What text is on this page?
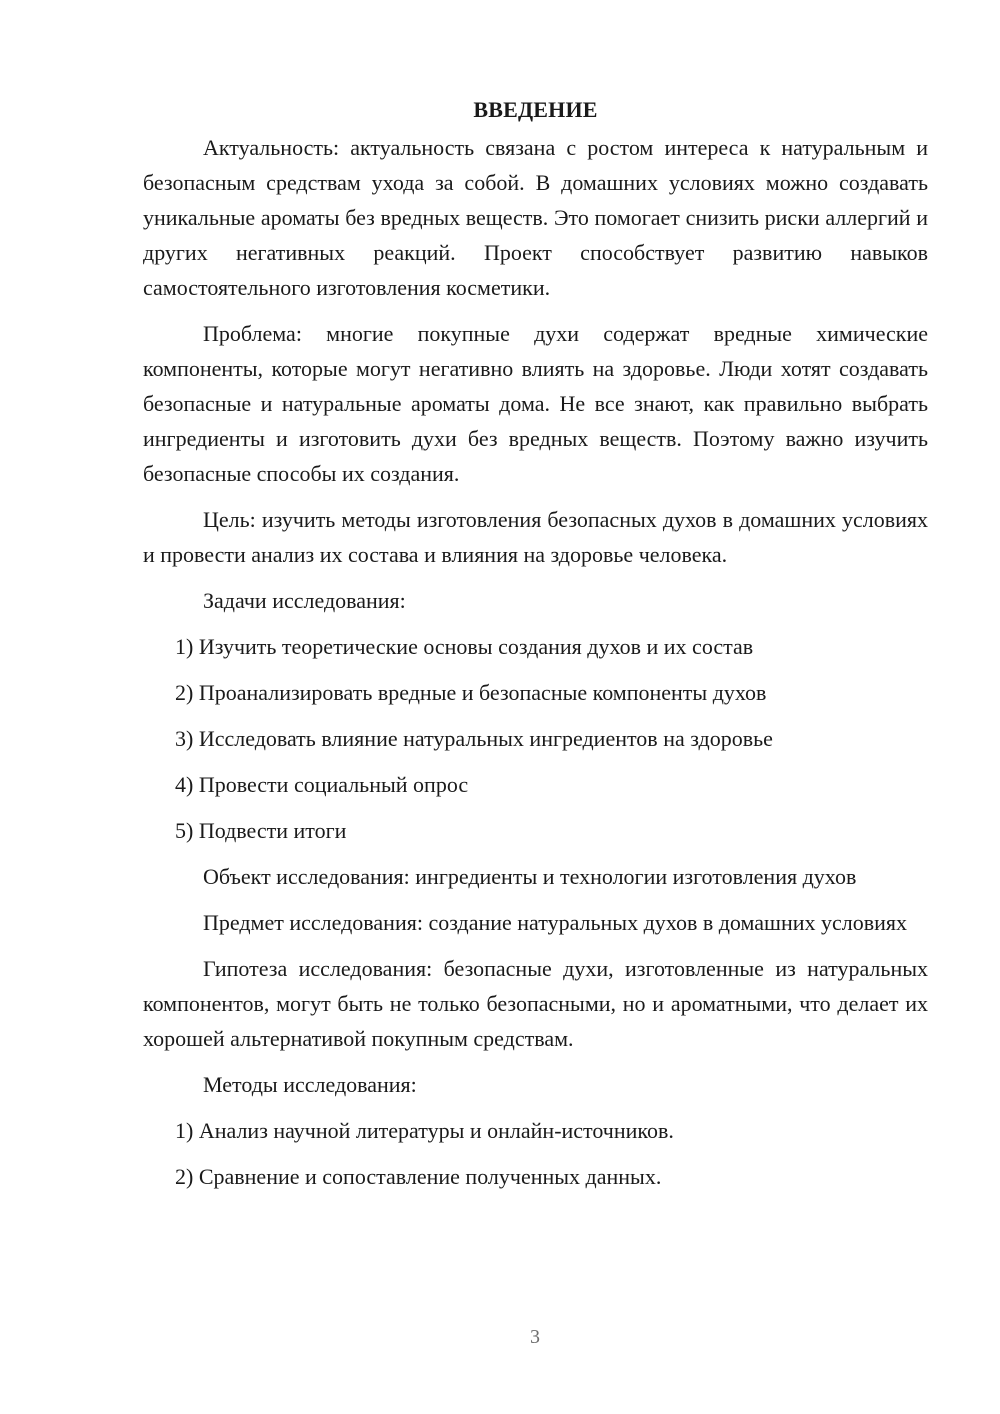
ВВЕДЕНИЕ

Актуальность: актуальность связана с ростом интереса к натуральным и безопасным средствам ухода за собой. В домашних условиях можно создавать уникальные ароматы без вредных веществ. Это помогает снизить риски аллергий и других негативных реакций. Проект способствует развитию навыков самостоятельного изготовления косметики.

Проблема: многие покупные духи содержат вредные химические компоненты, которые могут негативно влиять на здоровье. Люди хотят создавать безопасные и натуральные ароматы дома. Не все знают, как правильно выбрать ингредиенты и изготовить духи без вредных веществ. Поэтому важно изучить безопасные способы их создания.

Цель: изучить методы изготовления безопасных духов в домашних условиях и провести анализ их состава и влияния на здоровье человека.

Задачи исследования:

1) Изучить теоретические основы создания духов и их состав
2) Проанализировать вредные и безопасные компоненты духов
3) Исследовать влияние натуральных ингредиентов на здоровье
4) Провести социальный опрос
5) Подвести итоги

Объект исследования: ингредиенты и технологии изготовления духов

Предмет исследования: создание натуральных духов в домашних условиях

Гипотеза исследования: безопасные духи, изготовленные из натуральных компонентов, могут быть не только безопасными, но и ароматными, что делает их хорошей альтернативой покупным средствам.

Методы исследования:

1) Анализ научной литературы и онлайн-источников.
2) Сравнение и сопоставление полученных данных.
3
